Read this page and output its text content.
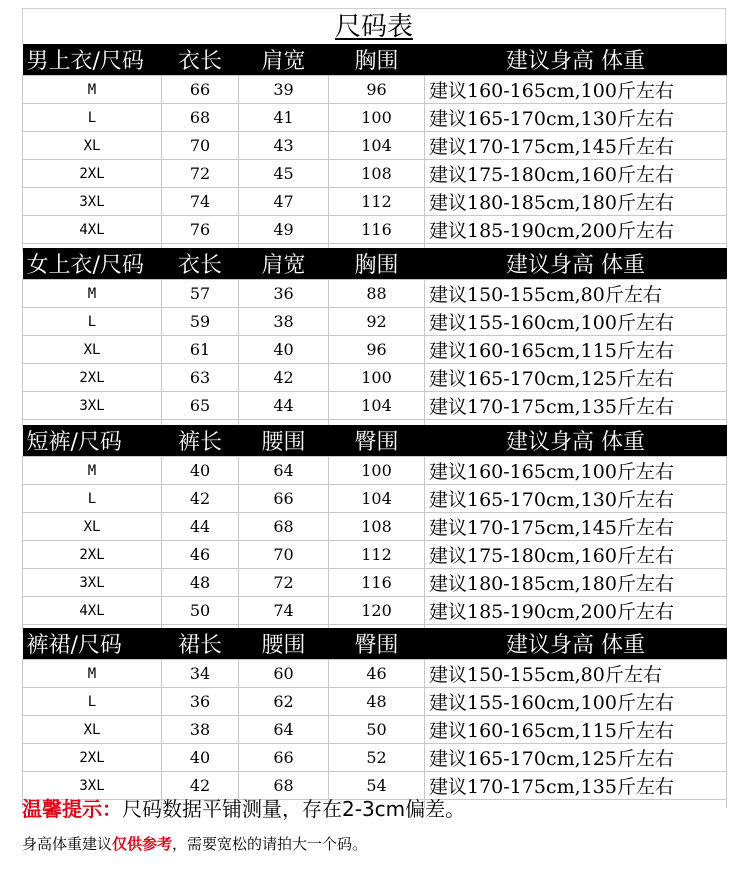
尺码表
男上衣/尺码	衣长	肩宽	胸围	建议身高 体重
M	66	39	96	建议160-165cm,100斤左右
L	68	41	100	建议165-170cm,130斤左右
XL	70	43	104	建议170-175cm,145斤左右
2XL	72	45	108	建议175-180cm,160斤左右
3XL	74	47	112	建议180-185cm,180斤左右
4XL	76	49	116	建议185-190cm,200斤左右

女上衣/尺码	衣长	肩宽	胸围	建议身高 体重
M	57	36	88	建议150-155cm,80斤左右
L	59	38	92	建议155-160cm,100斤左右
XL	61	40	96	建议160-165cm,115斤左右
2XL	63	42	100	建议165-170cm,125斤左右
3XL	65	44	104	建议170-175cm,135斤左右

短裤/尺码	裤长	腰围	臀围	建议身高 体重
M	40	64	100	建议160-165cm,100斤左右
L	42	66	104	建议165-170cm,130斤左右
XL	44	68	108	建议170-175cm,145斤左右
2XL	46	70	112	建议175-180cm,160斤左右
3XL	48	72	116	建议180-185cm,180斤左右
4XL	50	74	120	建议185-190cm,200斤左右

裤裙/尺码	裙长	腰围	臀围	建议身高 体重
M	34	60	46	建议150-155cm,80斤左右
L	36	62	48	建议155-160cm,100斤左右
XL	38	64	50	建议160-165cm,115斤左右
2XL	40	66	52	建议165-170cm,125斤左右
3XL	42	68	54	建议170-175cm,135斤左右

温馨提示：尺码数据平铺测量，存在2-3cm偏差。
身高体重建议仅供参考，需要宽松的请拍大一个码。
